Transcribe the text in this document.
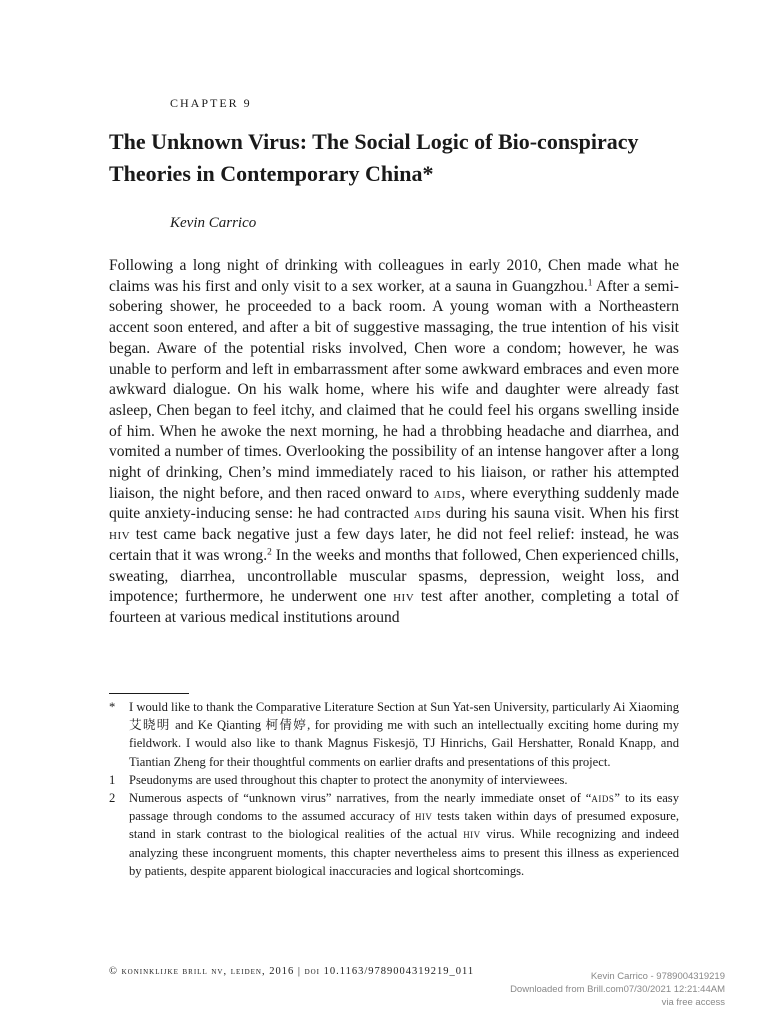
CHAPTER 9
The Unknown Virus: The Social Logic of Bio-conspiracy Theories in Contemporary China*
Kevin Carrico

Following a long night of drinking with colleagues in early 2010, Chen made what he claims was his first and only visit to a sex worker, at a sauna in Guangzhou.$^1$ After a semi-sobering shower, he proceeded to a back room. A young woman with a Northeastern accent soon entered, and after a bit of suggestive massaging, the true intention of his visit began. Aware of the potential risks involved, Chen wore a condom; however, he was unable to perform and left in embarrassment after some awkward embraces and even more awkward dialogue. On his walk home, where his wife and daughter were already fast asleep, Chen began to feel itchy, and claimed that he could feel his organs swelling inside of him. When he awoke the next morning, he had a throbbing headache and diarrhea, and vomited a number of times. Overlooking the possibility of an intense hangover after a long night of drinking, Chen’s mind immediately raced to his liaison, or rather his attempted liaison, the night before, and then raced onward to aids, where everything suddenly made quite anxiety-inducing sense: he had contracted aids during his sauna visit. When his first hiv test came back negative just a few days later, he did not feel relief: instead, he was certain that it was wrong.$^2$ In the weeks and months that followed, Chen experienced chills, sweating, diarrhea, uncontrollable muscular spasms, depression, weight loss, and impotence; furthermore, he underwent one hiv test after another, completing a total of fourteen at various medical institutions around

*	I would like to thank the Comparative Literature Section at Sun Yat-sen University, particularly Ai Xiaoming 艾晓明 and Ke Qianting 柯倩婷, for providing me with such an intellectually exciting home during my fieldwork. I would also like to thank Magnus Fiskesjö, TJ Hinrichs, Gail Hershatter, Ronald Knapp, and Tiantian Zheng for their thoughtful comments on earlier drafts and presentations of this project.
1	Pseudonyms are used throughout this chapter to protect the anonymity of interviewees.
2	Numerous aspects of “unknown virus” narratives, from the nearly immediate onset of “aids” to its easy passage through condoms to the assumed accuracy of hiv tests taken within days of presumed exposure, stand in stark contrast to the biological realities of the actual hiv virus. While recognizing and indeed analyzing these incongruent moments, this chapter nevertheless aims to present this illness as experienced by patients, despite apparent biological inaccuracies and logical shortcomings.
© koninklijke brill nv, leiden, 2016 | doi 10.1163/9789004319219_011	Kevin Carrico - 9789004319219
Downloaded from Brill.com07/30/2021 12:21:44AM
via free access
